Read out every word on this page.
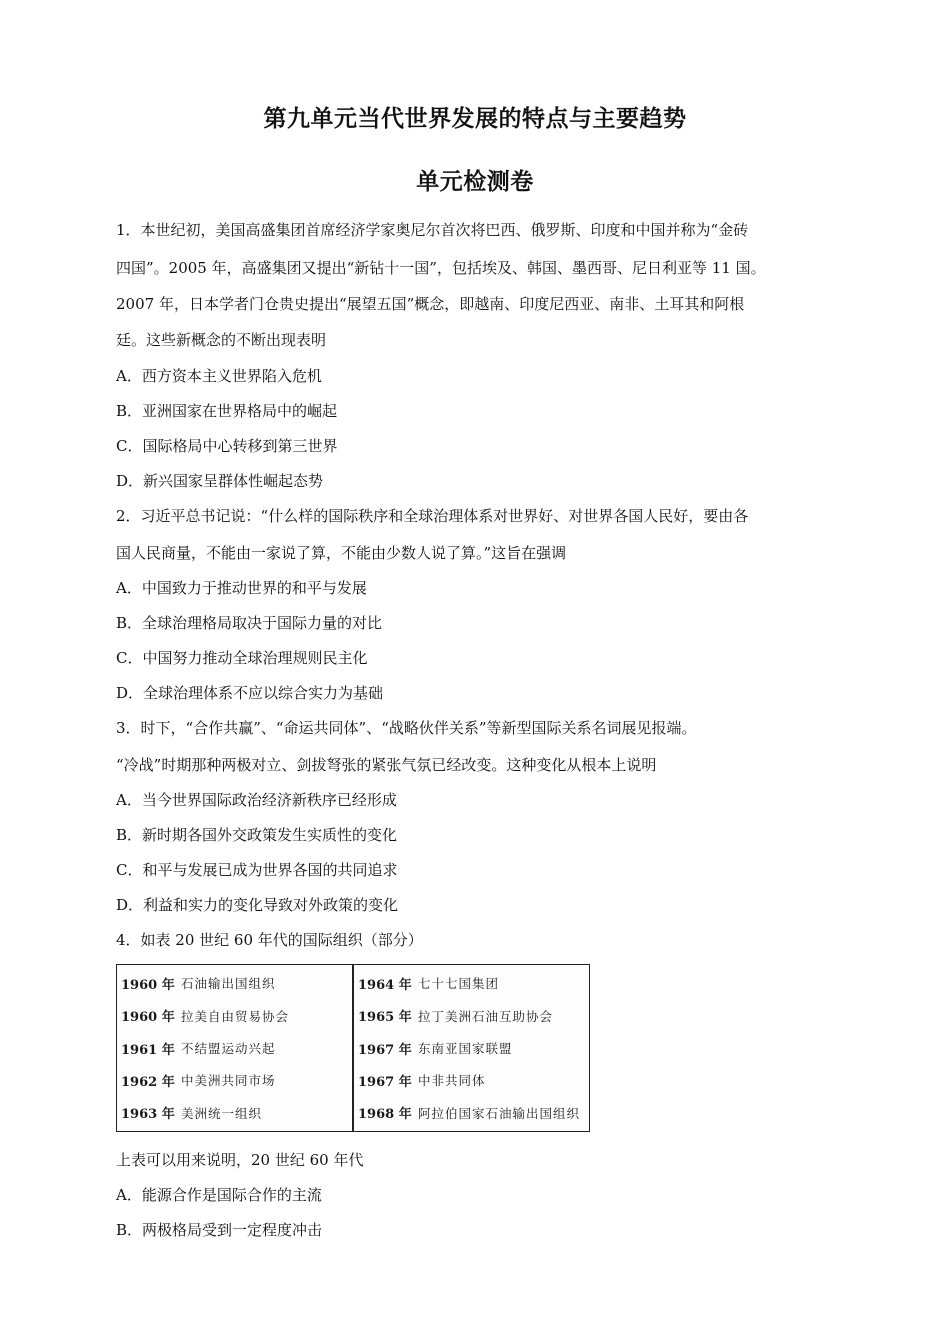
第九单元当代世界发展的特点与主要趋势
单元检测卷

1．本世纪初，美国高盛集团首席经济学家奥尼尔首次将巴西、俄罗斯、印度和中国并称为“金砖

四国”。2005 年，高盛集团又提出“新钻十一国”，包括埃及、韩国、墨西哥、尼日利亚等 11 国。

2007 年，日本学者门仓贵史提出“展望五国”概念，即越南、印度尼西亚、南非、土耳其和阿根

廷。这些新概念的不断出现表明

A．西方资本主义世界陷入危机

B．亚洲国家在世界格局中的崛起

C．国际格局中心转移到第三世界

D．新兴国家呈群体性崛起态势

2．习近平总书记说：“什么样的国际秩序和全球治理体系对世界好、对世界各国人民好，要由各

国人民商量，不能由一家说了算，不能由少数人说了算。”这旨在强调

A．中国致力于推动世界的和平与发展

B．全球治理格局取决于国际力量的对比

C．中国努力推动全球治理规则民主化

D．全球治理体系不应以综合实力为基础

3．时下，“合作共赢”、“命运共同体”、“战略伙伴关系”等新型国际关系名词展见报端。

“冷战”时期那种两极对立、剑拔弩张的紧张气氛已经改变。这种变化从根本上说明

A．当今世界国际政治经济新秩序已经形成

B．新时期各国外交政策发生实质性的变化

C．和平与发展已成为世界各国的共同追求

D．利益和实力的变化导致对外政策的变化

4．如表 20 世纪 60 年代的国际组织（部分）

1960 年 石油输出国组织
1960 年 拉美自由贸易协会
1961 年 不结盟运动兴起
1962 年 中美洲共同市场
1963 年 美洲统一组织
1964 年 七十七国集团
1965 年 拉丁美洲石油互助协会
1967 年 东南亚国家联盟
1967 年 中非共同体
1968 年 阿拉伯国家石油输出国组织

上表可以用来说明，20 世纪 60 年代

A．能源合作是国际合作的主流

B．两极格局受到一定程度冲击
